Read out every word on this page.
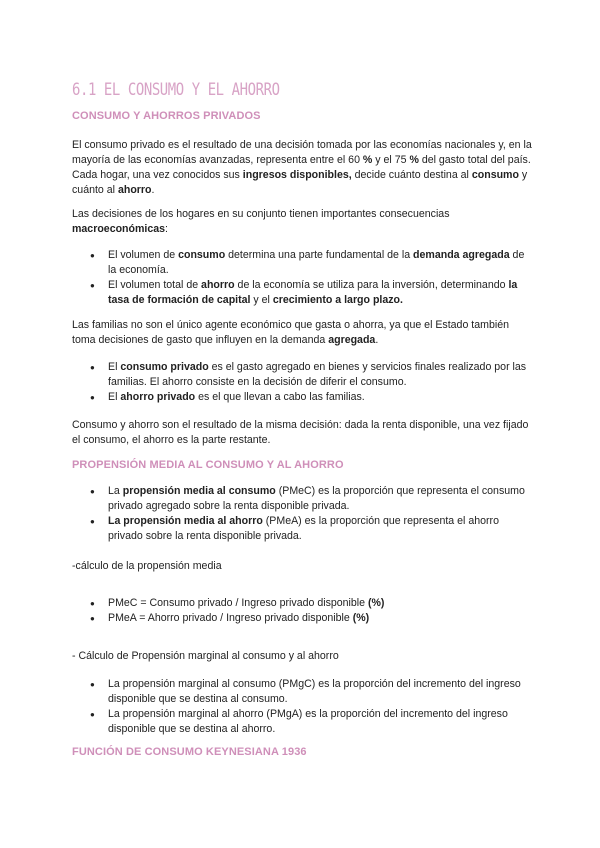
6.1 EL CONSUMO Y EL AHORRO
CONSUMO Y AHORROS PRIVADOS

El consumo privado es el resultado de una decisión tomada por las economías nacionales y, en la mayoría de las economías avanzadas, representa entre el 60 % y el 75 % del gasto total del país. Cada hogar, una vez conocidos sus ingresos disponibles, decide cuánto destina al consumo y cuánto al ahorro.

Las decisiones de los hogares en su conjunto tienen importantes consecuencias macroeconómicas:

● El volumen de consumo determina una parte fundamental de la demanda agregada de la economía.
● El volumen total de ahorro de la economía se utiliza para la inversión, determinando la tasa de formación de capital y el crecimiento a largo plazo.

Las familias no son el único agente económico que gasta o ahorra, ya que el Estado también toma decisiones de gasto que influyen en la demanda agregada.

● El consumo privado es el gasto agregado en bienes y servicios finales realizado por las familias. El ahorro consiste en la decisión de diferir el consumo.
● El ahorro privado es el que llevan a cabo las familias.

Consumo y ahorro son el resultado de la misma decisión: dada la renta disponible, una vez fijado el consumo, el ahorro es la parte restante.

PROPENSIÓN MEDIA AL CONSUMO Y AL AHORRO
● La propensión media al consumo (PMeC) es la proporción que representa el consumo privado agregado sobre la renta disponible privada.
● La propensión media al ahorro (PMeA) es la proporción que representa el ahorro privado sobre la renta disponible privada.

-cálculo de la propensión media

● PMeC = Consumo privado / Ingreso privado disponible (%)
● PMeA = Ahorro privado / Ingreso privado disponible (%)

- Cálculo de Propensión marginal al consumo y al ahorro

● La propensión marginal al consumo (PMgC) es la proporción del incremento del ingreso disponible que se destina al consumo.
● La propensión marginal al ahorro (PMgA) es la proporción del incremento del ingreso disponible que se destina al ahorro.
FUNCIÓN DE CONSUMO KEYNESIANA 1936
